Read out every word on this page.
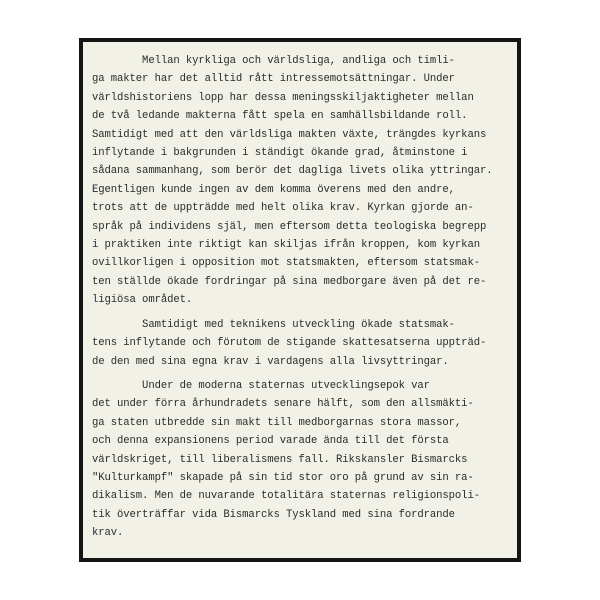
Mellan kyrkliga och världsliga, andliga och timli-
ga makter har det alltid rått intressemotsättningar. Under
världshistoriens lopp har dessa meningsskiljaktigheter mellan
de två ledande makterna fått spela en samhällsbildande roll.
Samtidigt med att den världsliga makten växte, trängdes kyrkans
inflytande i bakgrunden i ständigt ökande grad, åtminstone i
sådana sammanhang, som berör det dagliga livets olika yttringar.
Egentligen kunde ingen av dem komma överens med den andre,
trots att de uppträdde med helt olika krav. Kyrkan gjorde an-
språk på individens själ, men eftersom detta teologiska begrepp
i praktiken inte riktigt kan skiljas ifrån kroppen, kom kyrkan
ovillkorligen i opposition mot statsmakten, eftersom statsmak-
ten ställde ökade fordringar på sina medborgare även på det re-
ligiösa området.
Samtidigt med teknikens utveckling ökade statsmak-
tens inflytande och förutom de stigande skattesatserna uppträd-
de den med sina egna krav i vardagens alla livsyttringar.
Under de moderna staternas utvecklingsepok var
det under förra århundradets senare hälft, som den allsmäkti-
ga staten utbredde sin makt till medborgarnas stora massor,
och denna expansionens period varade ända till det första
världskriget, till liberalismens fall. Rikskansler Bismarcks
"Kulturkampf" skapade på sin tid stor oro på grund av sin ra-
dikalism. Men de nuvarande totalitära staternas religionspoli-
tik överträffar vida Bismarcks Tyskland med sina fordrande
krav.
